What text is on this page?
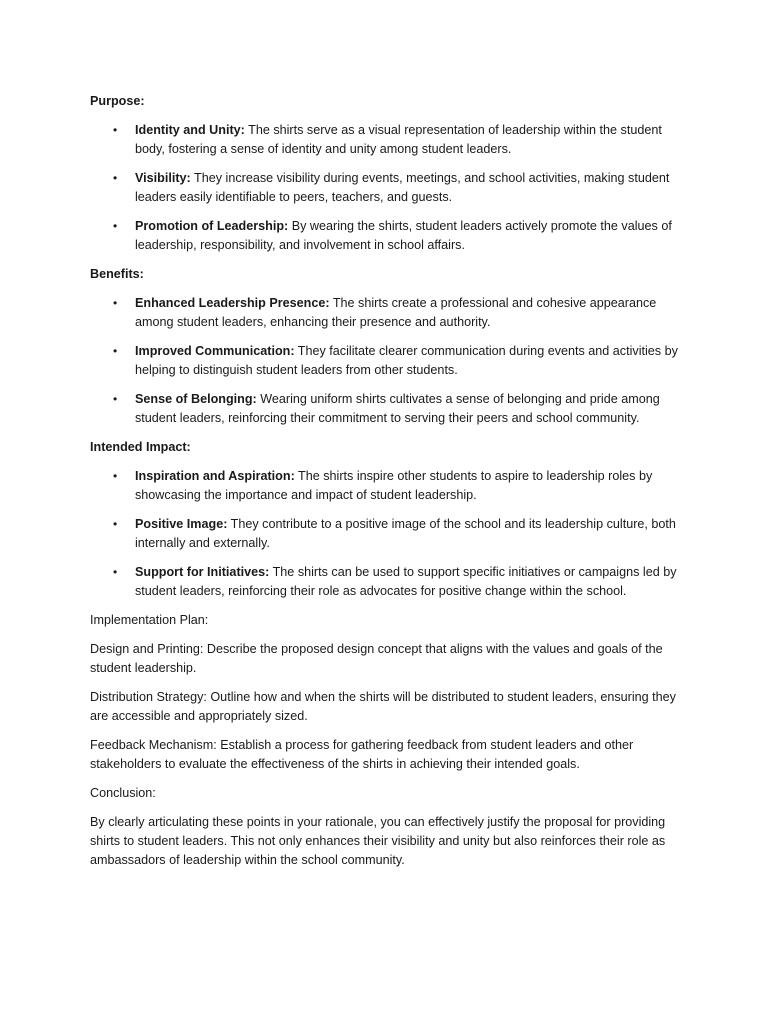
Purpose:
• Identity and Unity: The shirts serve as a visual representation of leadership within the student body, fostering a sense of identity and unity among student leaders.
• Visibility: They increase visibility during events, meetings, and school activities, making student leaders easily identifiable to peers, teachers, and guests.
• Promotion of Leadership: By wearing the shirts, student leaders actively promote the values of leadership, responsibility, and involvement in school affairs.
Benefits:
• Enhanced Leadership Presence: The shirts create a professional and cohesive appearance among student leaders, enhancing their presence and authority.
• Improved Communication: They facilitate clearer communication during events and activities by helping to distinguish student leaders from other students.
• Sense of Belonging: Wearing uniform shirts cultivates a sense of belonging and pride among student leaders, reinforcing their commitment to serving their peers and school community.
Intended Impact:
• Inspiration and Aspiration: The shirts inspire other students to aspire to leadership roles by showcasing the importance and impact of student leadership.
• Positive Image: They contribute to a positive image of the school and its leadership culture, both internally and externally.
• Support for Initiatives: The shirts can be used to support specific initiatives or campaigns led by student leaders, reinforcing their role as advocates for positive change within the school.

Implementation Plan:

Design and Printing: Describe the proposed design concept that aligns with the values and goals of the student leadership.

Distribution Strategy: Outline how and when the shirts will be distributed to student leaders, ensuring they are accessible and appropriately sized.

Feedback Mechanism: Establish a process for gathering feedback from student leaders and other stakeholders to evaluate the effectiveness of the shirts in achieving their intended goals.

Conclusion:

By clearly articulating these points in your rationale, you can effectively justify the proposal for providing shirts to student leaders. This not only enhances their visibility and unity but also reinforces their role as ambassadors of leadership within the school community.
